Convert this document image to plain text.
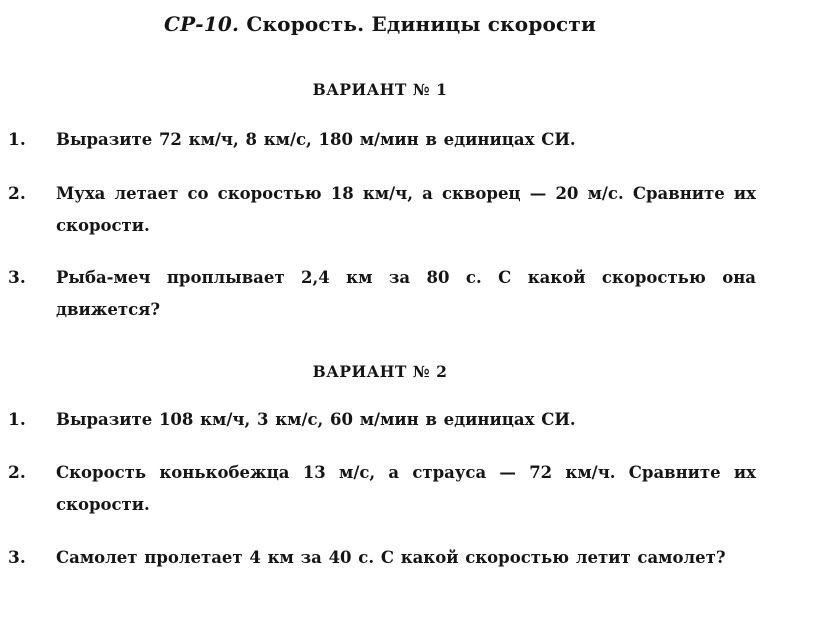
СР-10. Скорость. Единицы скорости
ВАРИАНТ № 1
1. Выразите 72 км/ч, 8 км/с, 180 м/мин в единицах СИ.
2. Муха летает со скоростью 18 км/ч, а скворец — 20 м/с. Сравните их скорости.
3. Рыба-меч проплывает 2,4 км за 80 с. С какой скоростью она движется?
ВАРИАНТ № 2
1. Выразите 108 км/ч, 3 км/с, 60 м/мин в единицах СИ.
2. Скорость конькобежца 13 м/с, а страуса — 72 км/ч. Сравните их скорости.
3. Самолет пролетает 4 км за 40 с. С какой скоростью летит самолет?
